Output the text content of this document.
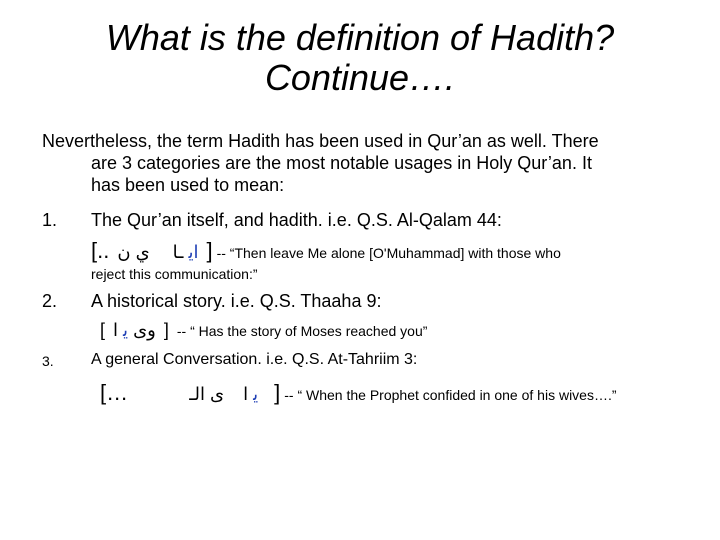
What is the definition of Hadith?
Continue….
Nevertheless, the term Hadith has been used in Qur’an as well. There
are 3 categories are the most notable usages in Holy Qur’an. It
has been used to mean:
1. The Qur’an itself, and hadith. i.e. Q.S. Al-Qalam 44:
[..	ﺍﻳ ـا ي ن	] -- “Then leave Me alone [O'Muhammad] with those who
reject this communication:”
2. A historical story. i.e. Q.S. Thaaha 9:
[	وى ﻳ ا	] -- “ Has the story of Moses reached you”
3. A general Conversation. i.e. Q.S. At-Tahriim 3:
[…	ﻳ ا ى الـ	] -- “ When the Prophet confided in one of his wives….”
